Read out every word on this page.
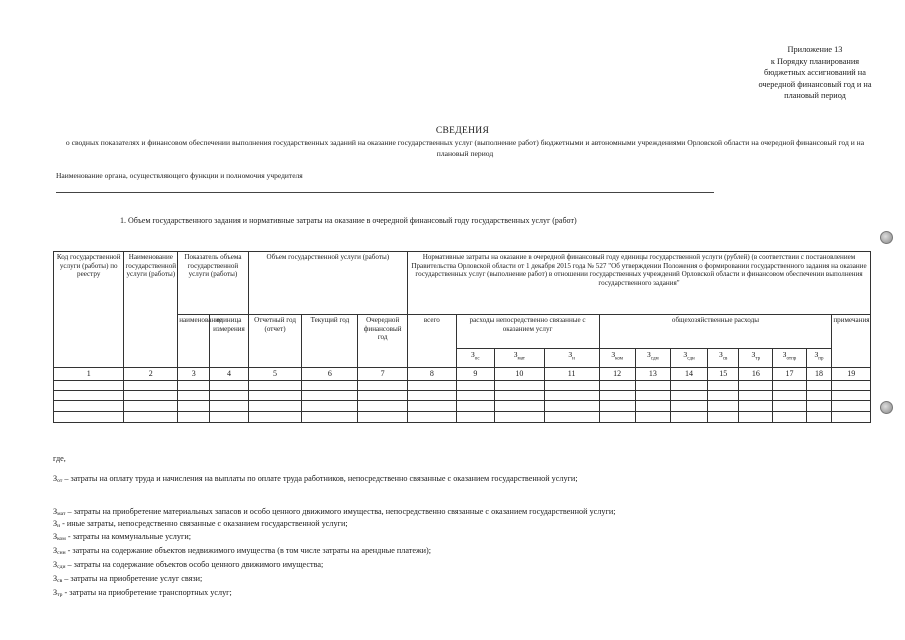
Приложение 13
к Порядку планирования
бюджетных ассигнований на
очередной финансовый год и на
плановый период
СВЕДЕНИЯ
о сводных показателях и финансовом обеспечении выполнения государственных заданий на оказание государственных услуг (выполнение работ) бюджетными и автономными учреждениями Орловской области на очередной финансовый год и на плановый период
Наименование органа, осуществляющего функции и полномочия учредителя
1. Объем государственного задания и нормативные затраты на оказание в очередной финансовый году государственных услуг (работ)
Код государственной услуги (работы) по реестру	Наименование государственной услуги (работы)	Показатель объема государственной услуги (работы)		Объем государственной услуги (работы)			Нормативные затраты на оказание в очередной финансовый году единицы государственной услуги (рублей) (в соответствии с постановлением Правительства Орловской области от 1 декабря 2015 года № 527 "Об утверждении Положения о формировании государственного задания на оказание государственных услуг (выполнение работ) в отношении государственных учреждений Орловской области и финансовом обеспечении выполнения государственного задания"											
		наименование	единица измерения	Отчетный год (отчет)	Текущий год	Очередной финансовый год	всего	расходы непосредственно связанные с оказанием услуг			общехозяйственные расходы							примечания
								$З_{ос}$	$З_{мат}$	$З_и$	$З_{ком}$	$З_{сдм}$	$З_{сдн}$	$З_{св}$	$З_{тр}$	$З_{отпр}$	$З_{пр}$
1	2	3	4	5	6	7	8	9	10	11	12	13	14	15	16	17	18	19

где,
Зот – затраты на оплату труда и начисления на выплаты по оплате труда работников, непосредственно связанные с оказанием государственной услуги;
Змат – затраты на приобретение материальных запасов и особо ценного движимого имущества, непосредственно связанные с оказанием государственной услуги;
Зи - иные затраты, непосредственно связанные с оказанием государственной услуги;
Зком - затраты на коммунальные услуги;
Зснн - затраты на содержание объектов недвижимого имущества (в том числе затраты на арендные платежи);
Зсди – затраты на содержание объектов особо ценного движимого имущества;
Зсв – затраты на приобретение услуг связи;
Зтр - затраты на приобретение транспортных услуг;
